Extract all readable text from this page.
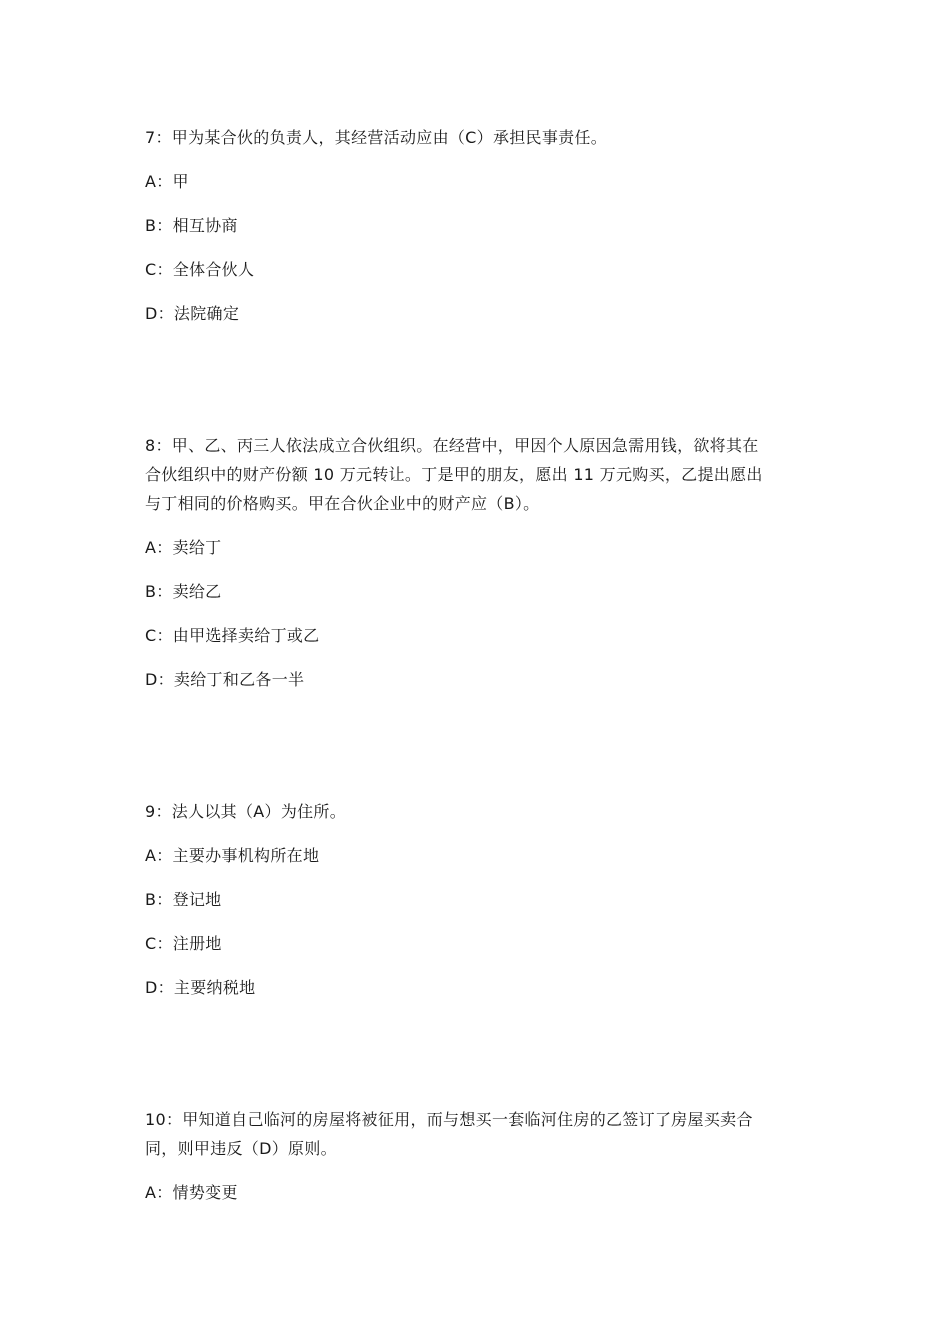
7：甲为某合伙的负责人，其经营活动应由（C）承担民事责任。
A：甲
B：相互协商
C：全体合伙人
D：法院确定
8：甲、乙、丙三人依法成立合伙组织。在经营中，甲因个人原因急需用钱，欲将其在
合伙组织中的财产份额 10 万元转让。丁是甲的朋友，愿出 11 万元购买，乙提出愿出
与丁相同的价格购买。甲在合伙企业中的财产应（B）。
A：卖给丁
B：卖给乙
C：由甲选择卖给丁或乙
D：卖给丁和乙各一半
9：法人以其（A）为住所。
A：主要办事机构所在地
B：登记地
C：注册地
D：主要纳税地
10：甲知道自己临河的房屋将被征用，而与想买一套临河住房的乙签订了房屋买卖合
同，则甲违反（D）原则。
A：情势变更
